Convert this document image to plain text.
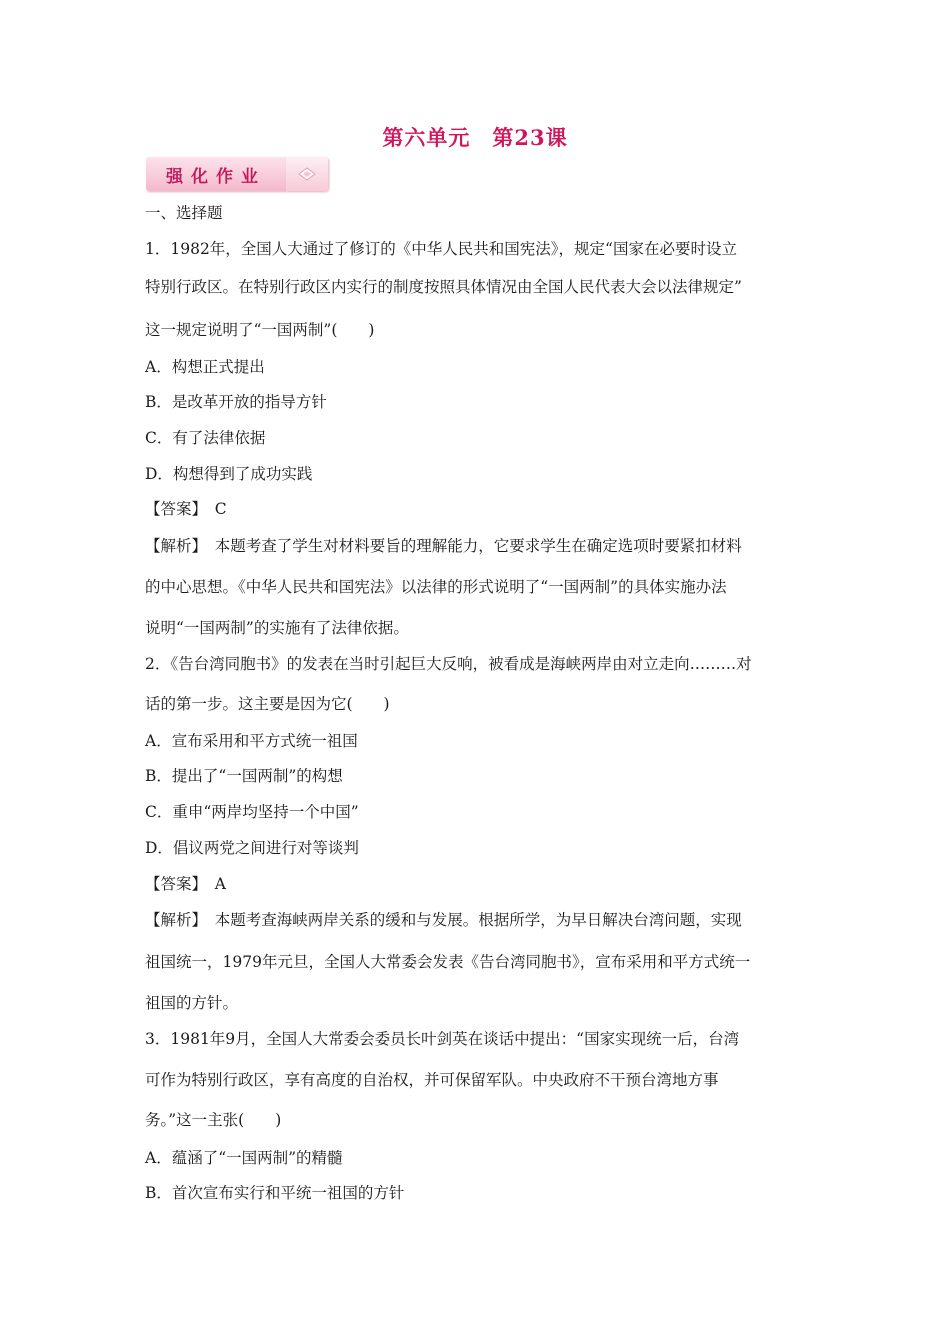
第六单元　第23课
强化作业
一、选择题
1．1982年，全国人大通过了修订的《中华人民共和国宪法》，规定“国家在必要时设立
特别行政区。在特别行政区内实行的制度按照具体情况由全国人民代表大会以法律规定”
这一规定说明了“一国两制”(　　)
A．构想正式提出
B．是改革开放的指导方针
C．有了法律依据
D．构想得到了成功实践
【答案】　C
【解析】　本题考查了学生对材料要旨的理解能力，它要求学生在确定选项时要紧扣材料
的中心思想。《中华人民共和国宪法》以法律的形式说明了“一国两制”的具体实施办法
说明“一国两制”的实施有了法律依据。
2．《告台湾同胞书》的发表在当时引起巨大反响，被看成是海峡两岸由对立走向………对
话的第一步。这主要是因为它(　　)
A．宣布采用和平方式统一祖国
B．提出了“一国两制”的构想
C．重申“两岸均坚持一个中国”
D．倡议两党之间进行对等谈判
【答案】　A
【解析】　本题考查海峡两岸关系的缓和与发展。根据所学，为早日解决台湾问题，实现
祖国统一，1979年元旦，全国人大常委会发表《告台湾同胞书》，宣布采用和平方式统一
祖国的方针。
3．1981年9月，全国人大常委会委员长叶剑英在谈话中提出：“国家实现统一后，台湾
可作为特别行政区，享有高度的自治权，并可保留军队。中央政府不干预台湾地方事
务。”这一主张(　　)
A．蕴涵了“一国两制”的精髓
B．首次宣布实行和平统一祖国的方针
